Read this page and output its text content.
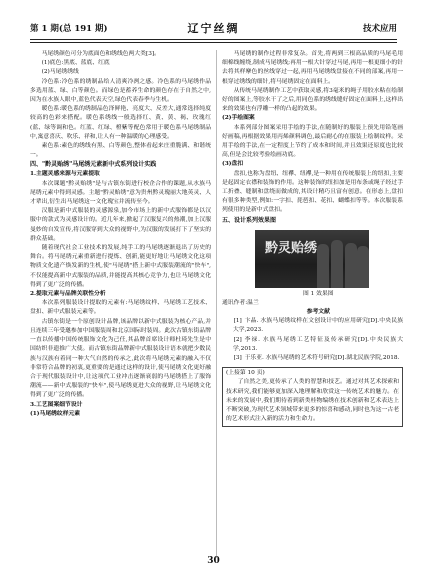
第 1 期(总 191 期)	辽宁丝绸	技术应用

马尾绣颜色可分为底面色和绣线色两大类[3]。

(1)底色:黑底、蓝底、红底

(2)马尾绣绣线

冷色系:冷色系的绣制品给人清爽冷冽之感。冷色系的马尾绣作品多选用蓝、绿、白等颜色。而绿色是蓄养生命的颜色存在于自然之中,因为在水族人眼中,蓝色代表天空,绿色代表春季与生机。

暖色系:暖色系的绣制品色泽鲜艳、亮度大、反差大,通常选择纯度较高的色彩来搭配。暖色系绣线一般选择红、黄、黄、褐、玫瑰红(蓝、绿等调和色。红蓝、红绿、橙紫等配色常用于暖色系马尾绣制品中,寓意喜庆、吹乐、祥和,让人有一种温暖的心理感受。

素色系:素色的绣线有黑、白等颜色,整体看起来庄重脆满、和谐统一。

四、"黔灵贻绣"马尾绣元素新中式系列设计实践
1.主题灵感来源与元素提取

本次课题"黔灵贻绣"是与古镇东街进行校企合作的课题,从水族马尾绣元素中得到灵感。主题"黔灵贻绣"意为贵州黔灵瑰丽大地英灵、人才辈出,衍生出马尾绣这一文化瑰宝并流传至今。

汉服是新中式服装的灵感源泉,加今市场上的新中式服饰都是以汉服中的款式为灵感设计的。近几年来,掀起了汉服复兴的热潮,加上汉服曼妙的自发宣传,将汉服穿到大众的视野中,为汉服的发展打下了坚实的群众基础。

随着现代社会工业技术的发展,纯手工的马尾绣逐渐退出了历史的舞台。将马尾绣元素重新进行提炼、创新,能更好地让马尾绣文化这项物质文化遗产焕发新的生机,使"马尾绣"搭上新中式服装潮流的"快车",不仅能提高新中式服装的品质,并能提高其核心竞争力,也让马尾绣文化得到了更广泛的传播。

2.提取元素与品牌关联性分析

本次系列服装设计提取的元素有:马尾绣纹样、马尾绣工艺技术、盘扣、新中式服装元素等。

古镇东街是一个原创设计品牌,该品牌以新中式服装为核心产品,并且连续三年受邀参加中国服装周和北京国际时装周。此次古镇东街品牌一直以传播中国传统服饰文化为己任,其品牌首席设计师杜琦先生是中国纺织非遗推广大使。而古镇东街品牌新中式服装设计语本就把少数民族与汉族有着同一种大气自然的传承之,此次将马尾绣元素的融入不仅非常符合品牌的初衷,更重要的是通过这样的设计,使马尾绣文化更好融合于现代服装设计中,让这项代工业冲击逐渐衰弱的马尾绣搭上了服饰潮流——新中式服装的"快车",使马尾绣更进大众的视野,让马尾绣文化得到了更广泛的传播。

3.工艺图案细节设计
(1)马尾绣纹样元素

马尾绣的制作过程非常复杂。首先,将两到三根高品质的马尾毛用细棉线缠绕,制成马尾绣线;再用一根大针穿过马尾,再用一根更细小的针去将其样摩色的丝线穿过一起,再用马尾绣线盘接在不同的部案,再用一根穿过绣线的细针,将马尾绣固定在面料上。

从传统马尾绣制作工艺中获取灵感,将3毫米的绳子用胶水粘在绘制好的图案上,等胶水干了之后,用同色系的绣线缝好固定在面料上,这样出来的效果也有浮雕一样的凸起的效果。

(2)手绘图案

本系列部分图案采用手绘的手法,在随制好的服装上预先用铅笔画好画稿,再根据效果用丙烯颜料调色,最后耐心的在服装上绘制纹样。采用手绘的手法,在一定程度上节约了成本和时间,并且效果还原度也比较高,但是会比较考验绘画功底。

(3)盘扣

盘扣,也称为盘纽、纽襻、纽襻,是一种用在传统服装上的纽扣,主要是起固定衣襟和装饰的作用。这种装饰的纽扣加是用布条或绳子经过手工折叠、缝制和盘绕而做成的,其设计精巧且富有创意。在形态上,盘扣有很多种类型,例如:一字扣、琵琶扣、花扣、蝴蝶扣等等。本次服装系列使用的是新中式盘扣。

五、设计系列效果图
黔灵贻绣

图 1 效果图

通讯作者:温兰

参考文献

[1] 卞晶. 水族马尾绣纹样在文创设计中的应用研究[D].中央民族大学,2023.

[2] 李禄. 水族马尾绣工艺特征及传承研究[D].中央民族大学,2013.

[3] 于乐亚. 水族马尾绣的艺术符号研究[D].湖北民族学院,2018.

(上接第 10 页)

了自然之美,更传承了人类的智慧和技艺。通过对其艺术探索和技术研究,我们能够更加深入地理解和欣赏这一传统艺术的魅力。在未来的发展中,我们期待着到新类桂物编绣在技术创新和艺术表达上不断突破,为现代艺术领域带来更多的惊喜和感动,同时也为这一古老的艺术形式注入新的活力和生命力。

30
